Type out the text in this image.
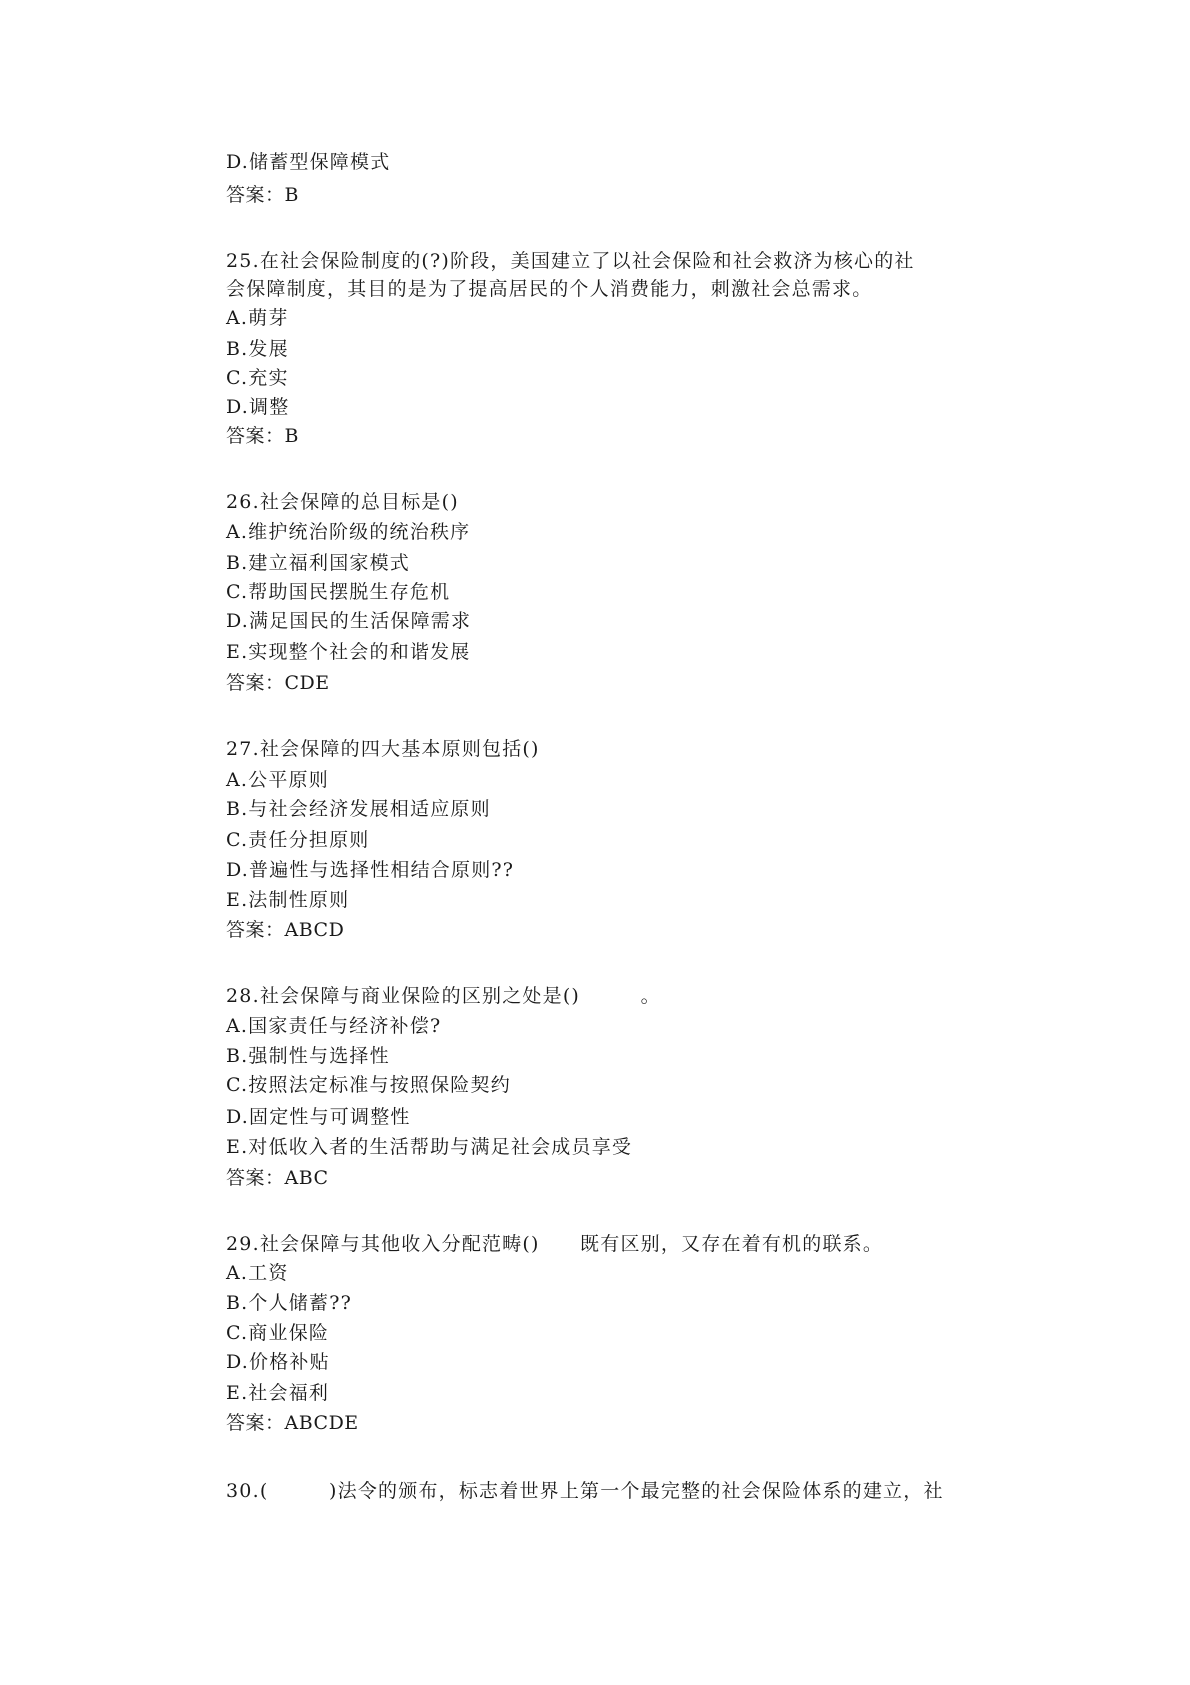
D.储蓄型保障模式
答案：B
25.在社会保险制度的(?)阶段，美国建立了以社会保险和社会救济为核心的社
会保障制度，其目的是为了提高居民的个人消费能力，刺激社会总需求。
A.萌芽
B.发展
C.充实
D.调整
答案：B
26.社会保障的总目标是()
A.维护统治阶级的统治秩序
B.建立福利国家模式
C.帮助国民摆脱生存危机
D.满足国民的生活保障需求
E.实现整个社会的和谐发展
答案：CDE
27.社会保障的四大基本原则包括()
A.公平原则
B.与社会经济发展相适应原则
C.责任分担原则
D.普遍性与选择性相结合原则??
E.法制性原则
答案：ABCD
28.社会保障与商业保险的区别之处是()　　　。
A.国家责任与经济补偿?
B.强制性与选择性
C.按照法定标准与按照保险契约
D.固定性与可调整性
E.对低收入者的生活帮助与满足社会成员享受
答案：ABC
29.社会保障与其他收入分配范畴()　　既有区别，又存在着有机的联系。
A.工资
B.个人储蓄??
C.商业保险
D.价格补贴
E.社会福利
答案：ABCDE
30.(　　　)法令的颁布，标志着世界上第一个最完整的社会保险体系的建立，社
